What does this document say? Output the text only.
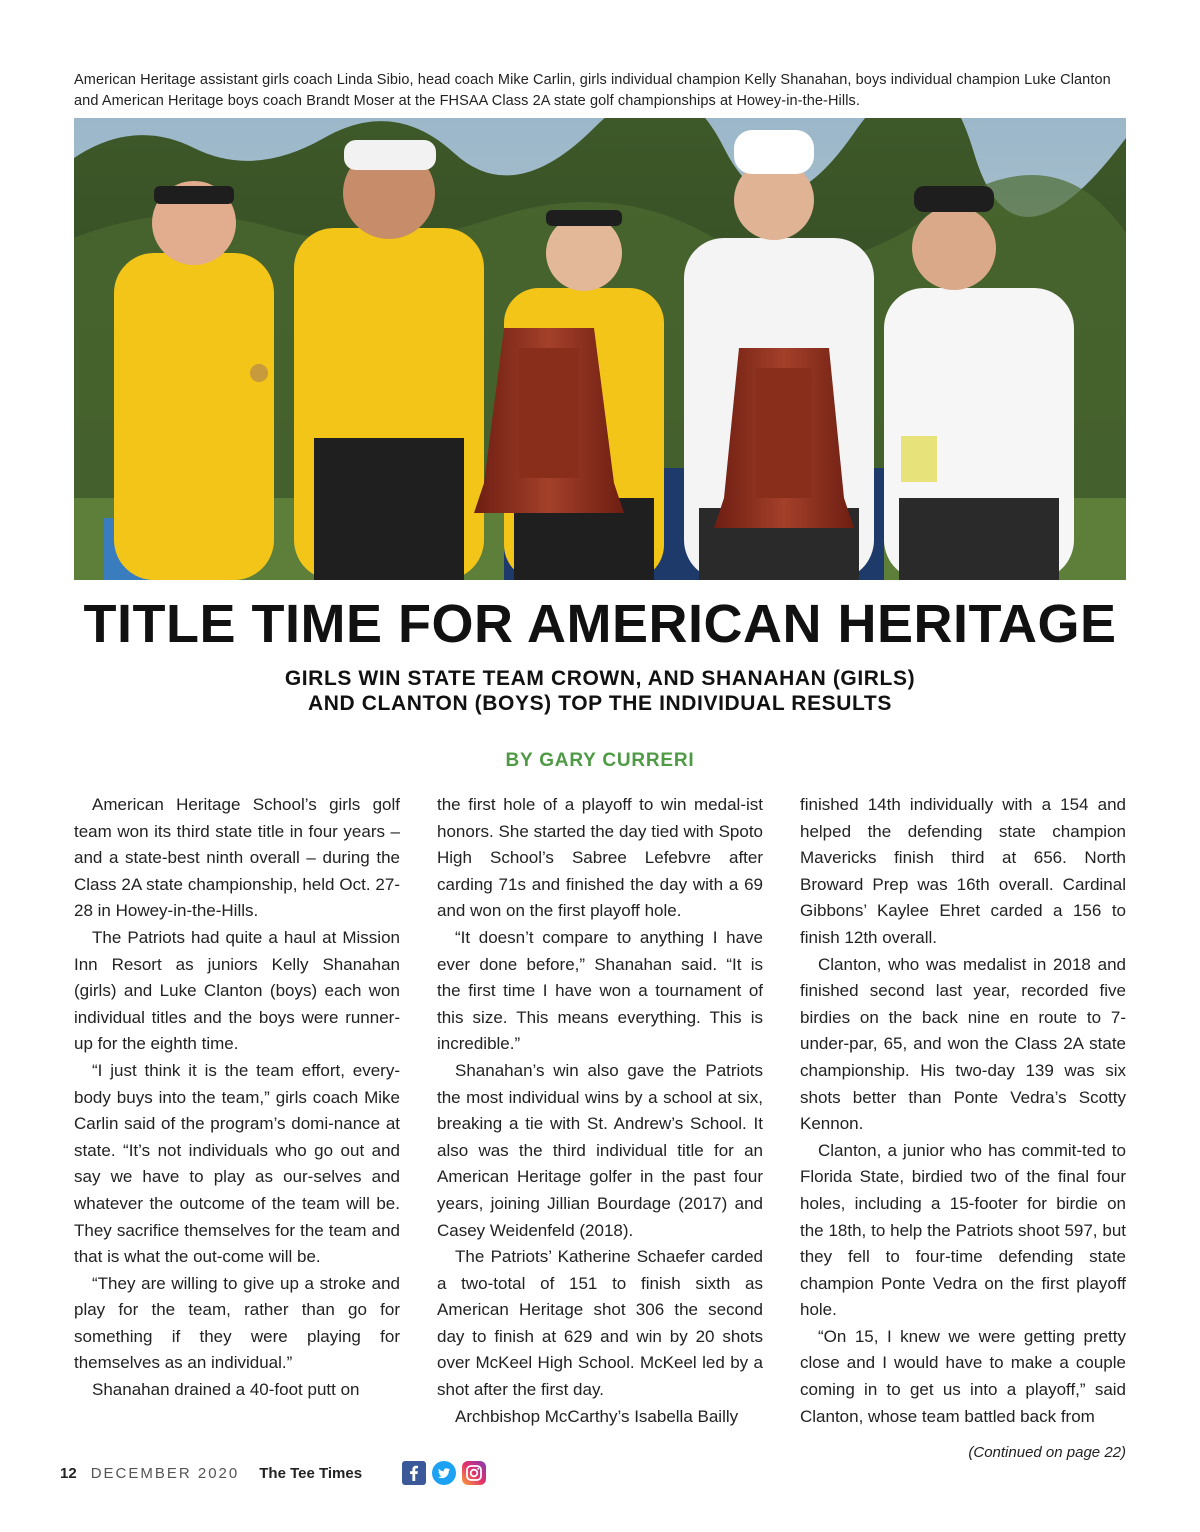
American Heritage assistant girls coach Linda Sibio, head coach Mike Carlin, girls individual champion Kelly Shanahan, boys individual champion Luke Clanton and American Heritage boys coach Brandt Moser at the FHSAA Class 2A state golf championships at Howey-in-the-Hills.
TITLE TIME FOR AMERICAN HERITAGE
GIRLS WIN STATE TEAM CROWN, AND SHANAHAN (GIRLS)
AND CLANTON (BOYS) TOP THE INDIVIDUAL RESULTS
BY GARY CURRERI

American Heritage School’s girls golf team won its third state title in four years – and a state-best ninth overall – during the Class 2A state championship, held Oct. 27-28 in Howey-in-the-Hills.

The Patriots had quite a haul at Mission Inn Resort as juniors Kelly Shanahan (girls) and Luke Clanton (boys) each won individual titles and the boys were runner-up for the eighth time.

“I just think it is the team effort, every-body buys into the team,” girls coach Mike Carlin said of the program’s domi-nance at state. “It’s not individuals who go out and say we have to play as our-selves and whatever the outcome of the team will be. They sacrifice themselves for the team and that is what the out-come will be.

“They are willing to give up a stroke and play for the team, rather than go for something if they were playing for themselves as an individual.”

Shanahan drained a 40-foot putt on

the first hole of a playoff to win medal-ist honors. She started the day tied with Spoto High School’s Sabree Lefebvre after carding 71s and finished the day with a 69 and won on the first playoff hole.

“It doesn’t compare to anything I have ever done before,” Shanahan said. “It is the first time I have won a tournament of this size. This means everything. This is incredible.”

Shanahan’s win also gave the Patriots the most individual wins by a school at six, breaking a tie with St. Andrew’s School. It also was the third individual title for an American Heritage golfer in the past four years, joining Jillian Bourdage (2017) and Casey Weidenfeld (2018).

The Patriots’ Katherine Schaefer carded a two-total of 151 to finish sixth as American Heritage shot 306 the second day to finish at 629 and win by 20 shots over McKeel High School. McKeel led by a shot after the first day.

Archbishop McCarthy’s Isabella Bailly

finished 14th individually with a 154 and helped the defending state champion Mavericks finish third at 656. North Broward Prep was 16th overall. Cardinal Gibbons’ Kaylee Ehret carded a 156 to finish 12th overall.

Clanton, who was medalist in 2018 and finished second last year, recorded five birdies on the back nine en route to 7-under-par, 65, and won the Class 2A state championship. His two-day 139 was six shots better than Ponte Vedra’s Scotty Kennon.

Clanton, a junior who has commit-ted to Florida State, birdied two of the final four holes, including a 15-footer for birdie on the 18th, to help the Patriots shoot 597, but they fell to four-time defending state champion Ponte Vedra on the first playoff hole.

“On 15, I knew we were getting pretty close and I would have to make a couple coming in to get us into a playoff,” said Clanton, whose team battled back from

(Continued on page 22)
12 DECEMBER 2020 The Tee Times
